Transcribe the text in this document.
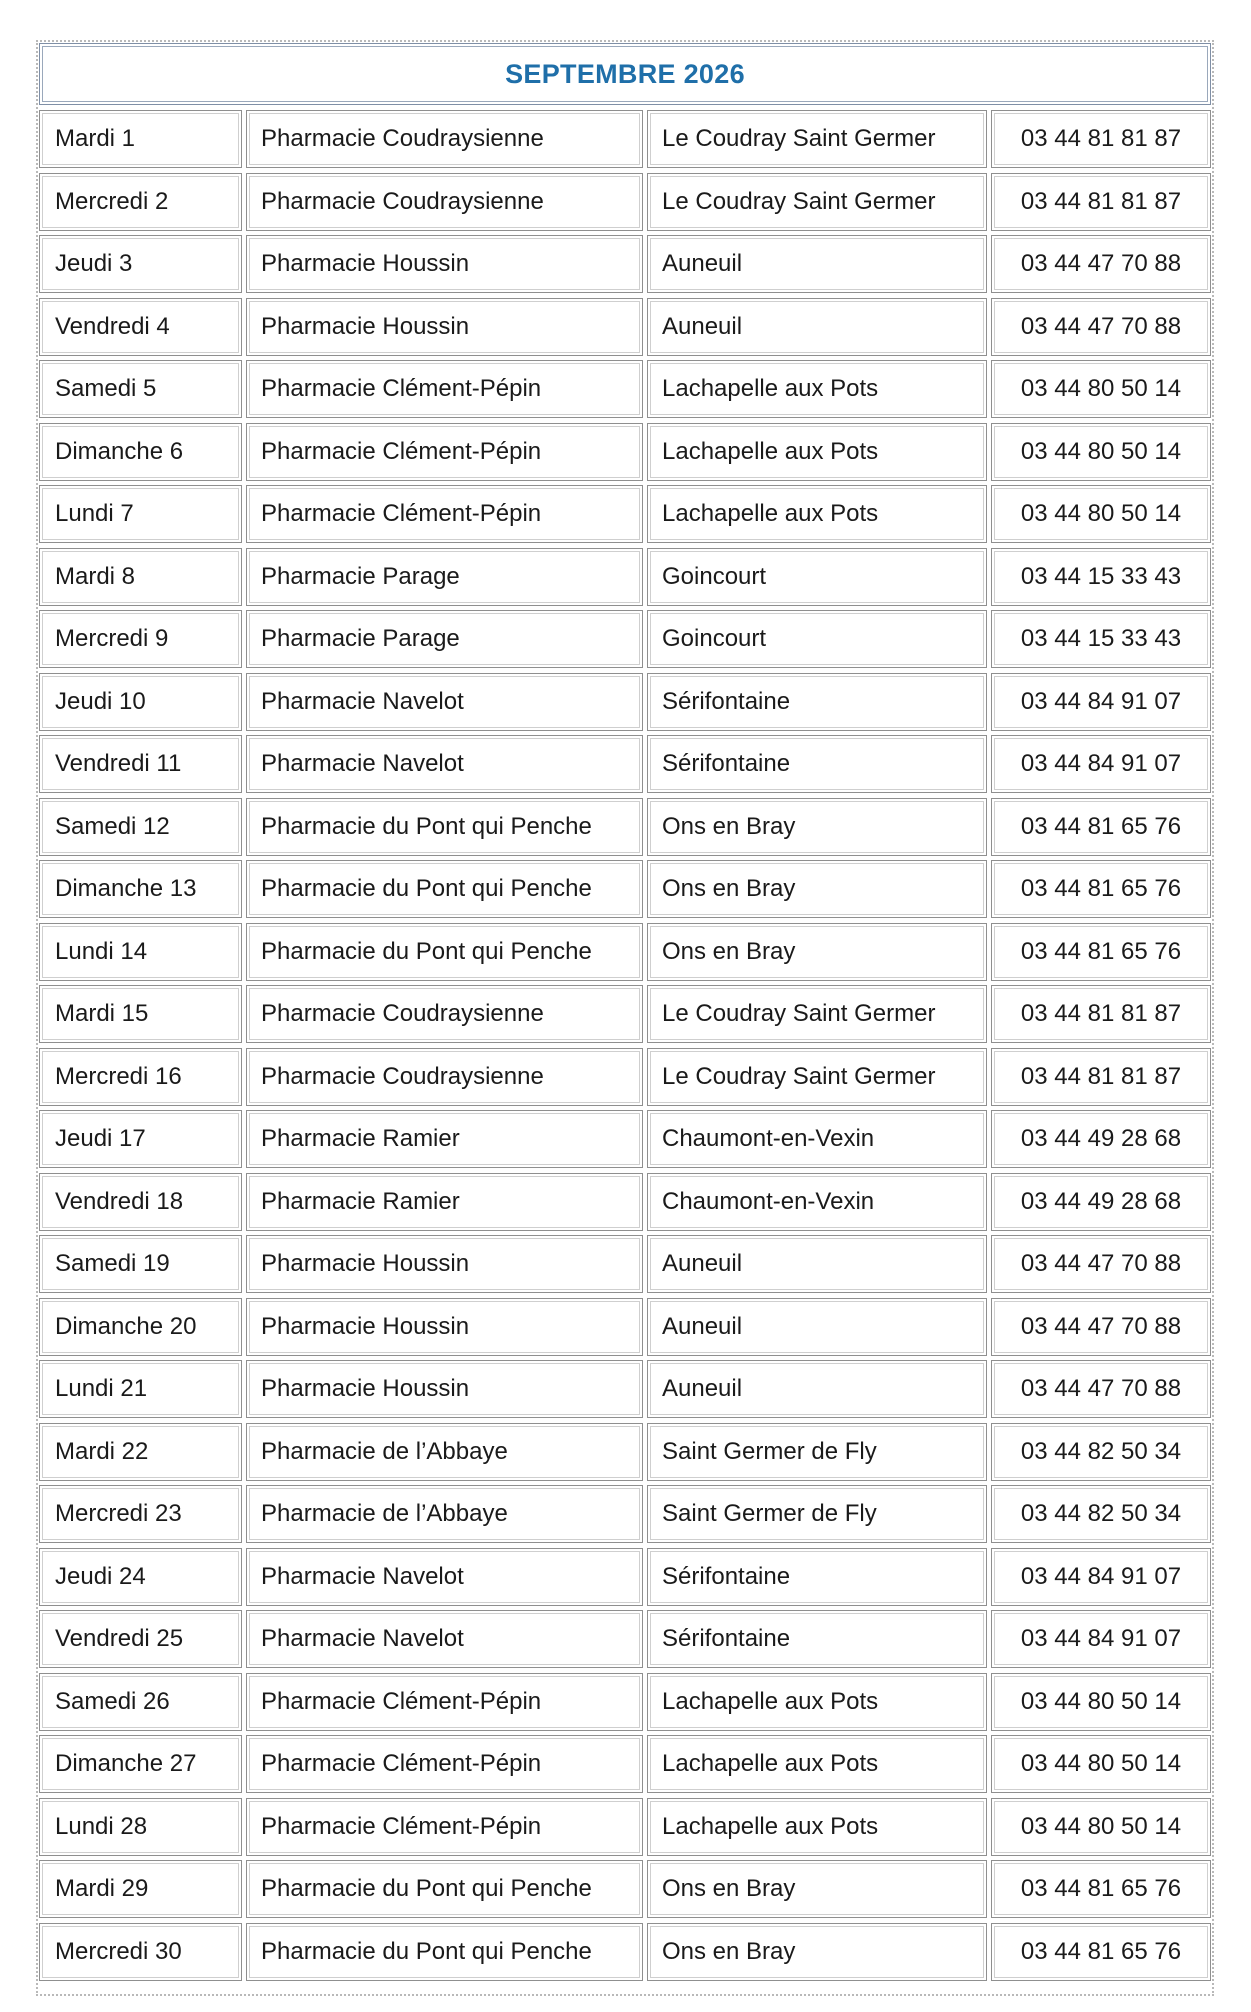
SEPTEMBRE 2026
Mardi 1	Pharmacie Coudraysienne	Le Coudray Saint Germer	03 44 81 81 87
Mercredi 2	Pharmacie Coudraysienne	Le Coudray Saint Germer	03 44 81 81 87
Jeudi 3	Pharmacie Houssin	Auneuil	03 44 47 70 88
Vendredi 4	Pharmacie Houssin	Auneuil	03 44 47 70 88
Samedi 5	Pharmacie Clément-Pépin	Lachapelle aux Pots	03 44 80 50 14
Dimanche 6	Pharmacie Clément-Pépin	Lachapelle aux Pots	03 44 80 50 14
Lundi 7	Pharmacie Clément-Pépin	Lachapelle aux Pots	03 44 80 50 14
Mardi 8	Pharmacie Parage	Goincourt	03 44 15 33 43
Mercredi 9	Pharmacie Parage	Goincourt	03 44 15 33 43
Jeudi 10	Pharmacie Navelot	Sérifontaine	03 44 84 91 07
Vendredi 11	Pharmacie Navelot	Sérifontaine	03 44 84 91 07
Samedi 12	Pharmacie du Pont qui Penche	Ons en Bray	03 44 81 65 76
Dimanche 13	Pharmacie du Pont qui Penche	Ons en Bray	03 44 81 65 76
Lundi 14	Pharmacie du Pont qui Penche	Ons en Bray	03 44 81 65 76
Mardi 15	Pharmacie Coudraysienne	Le Coudray Saint Germer	03 44 81 81 87
Mercredi 16	Pharmacie Coudraysienne	Le Coudray Saint Germer	03 44 81 81 87
Jeudi 17	Pharmacie Ramier	Chaumont-en-Vexin	03 44 49 28 68
Vendredi 18	Pharmacie Ramier	Chaumont-en-Vexin	03 44 49 28 68
Samedi 19	Pharmacie Houssin	Auneuil	03 44 47 70 88
Dimanche 20	Pharmacie Houssin	Auneuil	03 44 47 70 88
Lundi 21	Pharmacie Houssin	Auneuil	03 44 47 70 88
Mardi 22	Pharmacie de l’Abbaye	Saint Germer de Fly	03 44 82 50 34
Mercredi 23	Pharmacie de l’Abbaye	Saint Germer de Fly	03 44 82 50 34
Jeudi 24	Pharmacie Navelot	Sérifontaine	03 44 84 91 07
Vendredi 25	Pharmacie Navelot	Sérifontaine	03 44 84 91 07
Samedi 26	Pharmacie Clément-Pépin	Lachapelle aux Pots	03 44 80 50 14
Dimanche 27	Pharmacie Clément-Pépin	Lachapelle aux Pots	03 44 80 50 14
Lundi 28	Pharmacie Clément-Pépin	Lachapelle aux Pots	03 44 80 50 14
Mardi 29	Pharmacie du Pont qui Penche	Ons en Bray	03 44 81 65 76
Mercredi 30	Pharmacie du Pont qui Penche	Ons en Bray	03 44 81 65 76
